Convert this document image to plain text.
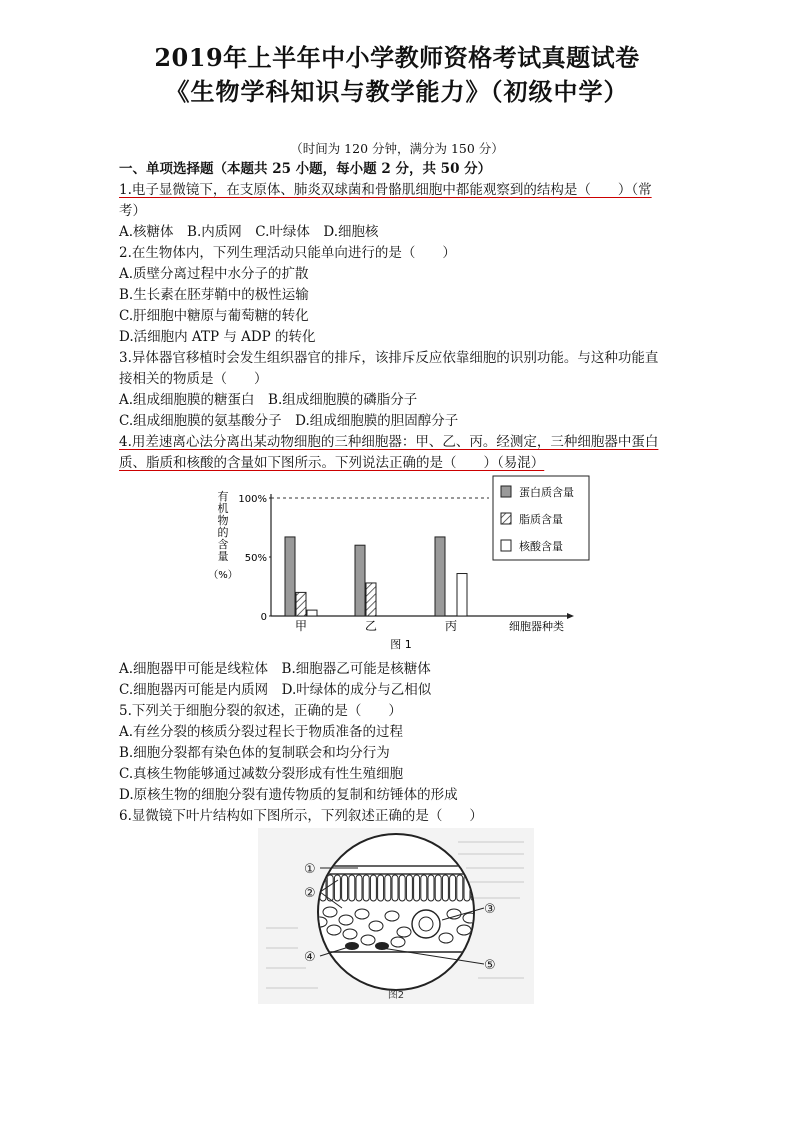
2019年上半年中小学教师资格考试真题试卷
《生物学科知识与教学能力》（初级中学）
（时间为 120 分钟，满分为 150 分）
一、单项选择题（本题共 25 小题，每小题 2 分，共 50 分）
1.电子显微镜下，在支原体、肺炎双球菌和骨骼肌细胞中都能观察到的结构是（　　）（常
考）
A.核糖体　B.内质网　C.叶绿体　D.细胞核
2.在生物体内，下列生理活动只能单向进行的是（　　）
A.质壁分离过程中水分子的扩散
B.生长素在胚芽鞘中的极性运输
C.肝细胞中糖原与葡萄糖的转化
D.活细胞内 ATP 与 ADP 的转化
3.异体器官移植时会发生组织器官的排斥，该排斥反应依靠细胞的识别功能。与这种功能直
接相关的物质是（　　）
A.组成细胞膜的糖蛋白　B.组成细胞膜的磷脂分子
C.组成细胞膜的氨基酸分子　D.组成细胞膜的胆固醇分子
4.用差速离心法分离出某动物细胞的三种细胞器：甲、乙、丙。经测定，三种细胞器中蛋白
质、脂质和核酸的含量如下图所示。下列说法正确的是（　　）（易混）
有
机
物
的
含
量
（%）
0
50%
100%
甲	乙	丙	细胞器种类
蛋白质含量
脂质含量
核酸含量
图 1
A.细胞器甲可能是线粒体　B.细胞器乙可能是核糖体
C.细胞器丙可能是内质网　D.叶绿体的成分与乙相似
5.下列关于细胞分裂的叙述，正确的是（　　）
A.有丝分裂的核质分裂过程长于物质准备的过程
B.细胞分裂都有染色体的复制联会和均分行为
C.真核生物能够通过减数分裂形成有性生殖细胞
D.原核生物的细胞分裂有遗传物质的复制和纺锤体的形成
6.显微镜下叶片结构如下图所示，下列叙述正确的是（　　）
①
②
③
④
⑤
图2
